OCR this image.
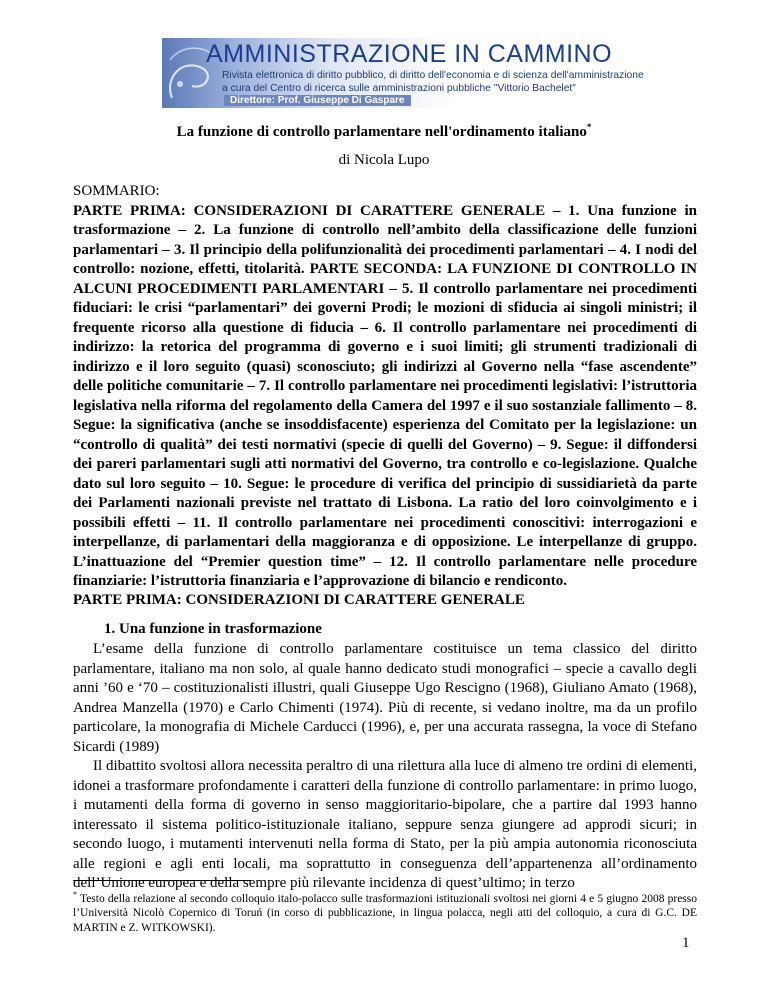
AMMINISTRAZIONE IN CAMMINO
Rivista elettronica di diritto pubblico, di diritto dell'economia e di scienza dell'amministrazione
a cura del Centro di ricerca sulle amministrazioni pubbliche "Vittorio Bachelet"
Direttore: Prof. Giuseppe Di Gaspare
La funzione di controllo parlamentare nell'ordinamento italiano*
di Nicola Lupo
SOMMARIO:
PARTE PRIMA: CONSIDERAZIONI DI CARATTERE GENERALE – 1. Una funzione in trasformazione – 2. La funzione di controllo nell’ambito della classificazione delle funzioni parlamentari – 3. Il principio della polifunzionalità dei procedimenti parlamentari – 4. I nodi del controllo: nozione, effetti, titolarità. PARTE SECONDA: LA FUNZIONE DI CONTROLLO IN ALCUNI PROCEDIMENTI PARLAMENTARI – 5. Il controllo parlamentare nei procedimenti fiduciari: le crisi “parlamentari” dei governi Prodi; le mozioni di sfiducia ai singoli ministri; il frequente ricorso alla questione di fiducia – 6. Il controllo parlamentare nei procedimenti di indirizzo: la retorica del programma di governo e i suoi limiti; gli strumenti tradizionali di indirizzo e il loro seguito (quasi) sconosciuto; gli indirizzi al Governo nella “fase ascendente” delle politiche comunitarie – 7. Il controllo parlamentare nei procedimenti legislativi: l’istruttoria legislativa nella riforma del regolamento della Camera del 1997 e il suo sostanziale fallimento – 8. Segue: la significativa (anche se insoddisfacente) esperienza del Comitato per la legislazione: un “controllo di qualità” dei testi normativi (specie di quelli del Governo) – 9. Segue: il diffondersi dei pareri parlamentari sugli atti normativi del Governo, tra controllo e co-legislazione. Qualche dato sul loro seguito – 10. Segue: le procedure di verifica del principio di sussidiarietà da parte dei Parlamenti nazionali previste nel trattato di Lisbona. La ratio del loro coinvolgimento e i possibili effetti – 11. Il controllo parlamentare nei procedimenti conoscitivi: interrogazioni e interpellanze, di parlamentari della maggioranza e di opposizione. Le interpellanze di gruppo. L’inattuazione del “Premier question time” – 12. Il controllo parlamentare nelle procedure finanziarie: l’istruttoria finanziaria e l’approvazione di bilancio e rendiconto.
PARTE PRIMA: CONSIDERAZIONI DI CARATTERE GENERALE
1. Una funzione in trasformazione

L’esame della funzione di controllo parlamentare costituisce un tema classico del diritto parlamentare, italiano ma non solo, al quale hanno dedicato studi monografici – specie a cavallo degli anni ’60 e ‘70 – costituzionalisti illustri, quali Giuseppe Ugo Rescigno (1968), Giuliano Amato (1968), Andrea Manzella (1970) e Carlo Chimenti (1974). Più di recente, si vedano inoltre, ma da un profilo particolare, la monografia di Michele Carducci (1996), e, per una accurata rassegna, la voce di Stefano Sicardi (1989)

Il dibattito svoltosi allora necessita peraltro di una rilettura alla luce di almeno tre ordini di elementi, idonei a trasformare profondamente i caratteri della funzione di controllo parlamentare: in primo luogo, i mutamenti della forma di governo in senso maggioritario-bipolare, che a partire dal 1993 hanno interessato il sistema politico-istituzionale italiano, seppure senza giungere ad approdi sicuri; in secondo luogo, i mutamenti intervenuti nella forma di Stato, per la più ampia autonomia riconosciuta alle regioni e agli enti locali, ma soprattutto in conseguenza dell’appartenenza all’ordinamento dell’Unione europea e della sempre più rilevante incidenza di quest’ultimo; in terzo

* Testo della relazione al secondo colloquio italo-polacco sulle trasformazioni istituzionali svoltosi nei giorni 4 e 5 giugno 2008 presso l’Università Nicolò Copernico di Toruń (in corso di pubblicazione, in lingua polacca, negli atti del colloquio, a cura di G.C. DE MARTIN e Z. WITKOWSKI).
1
